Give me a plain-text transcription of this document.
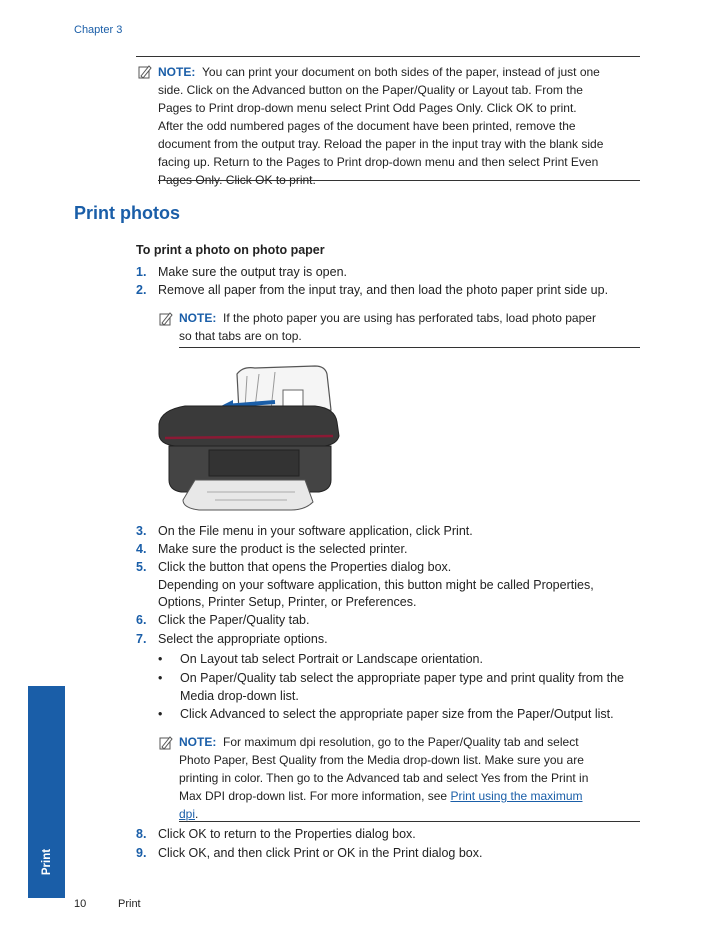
Chapter 3
NOTE: You can print your document on both sides of the paper, instead of just one
side. Click on the Advanced button on the Paper/Quality or Layout tab. From the
Pages to Print drop-down menu select Print Odd Pages Only. Click OK to print.
After the odd numbered pages of the document have been printed, remove the
document from the output tray. Reload the paper in the input tray with the blank side
facing up. Return to the Pages to Print drop-down menu and then select Print Even
Pages Only. Click OK to print.
Print photos
To print a photo on photo paper
1. Make sure the output tray is open.
2. Remove all paper from the input tray, and then load the photo paper print side up.
NOTE: If the photo paper you are using has perforated tabs, load photo paper
so that tabs are on top.
3. On the File menu in your software application, click Print.
4. Make sure the product is the selected printer.
5. Click the button that opens the Properties dialog box.
Depending on your software application, this button might be called Properties,
Options, Printer Setup, Printer, or Preferences.
6. Click the Paper/Quality tab.
7. Select the appropriate options.
• On Layout tab select Portrait or Landscape orientation.
• On Paper/Quality tab select the appropriate paper type and print quality from the
Media drop-down list.
• Click Advanced to select the appropriate paper size from the Paper/Output list.
NOTE: For maximum dpi resolution, go to the Paper/Quality tab and select
Photo Paper, Best Quality from the Media drop-down list. Make sure you are
printing in color. Then go to the Advanced tab and select Yes from the Print in
Max DPI drop-down list. For more information, see Print using the maximum
dpi.
8. Click OK to return to the Properties dialog box.
9. Click OK, and then click Print or OK in the Print dialog box.
Print
10	Print
